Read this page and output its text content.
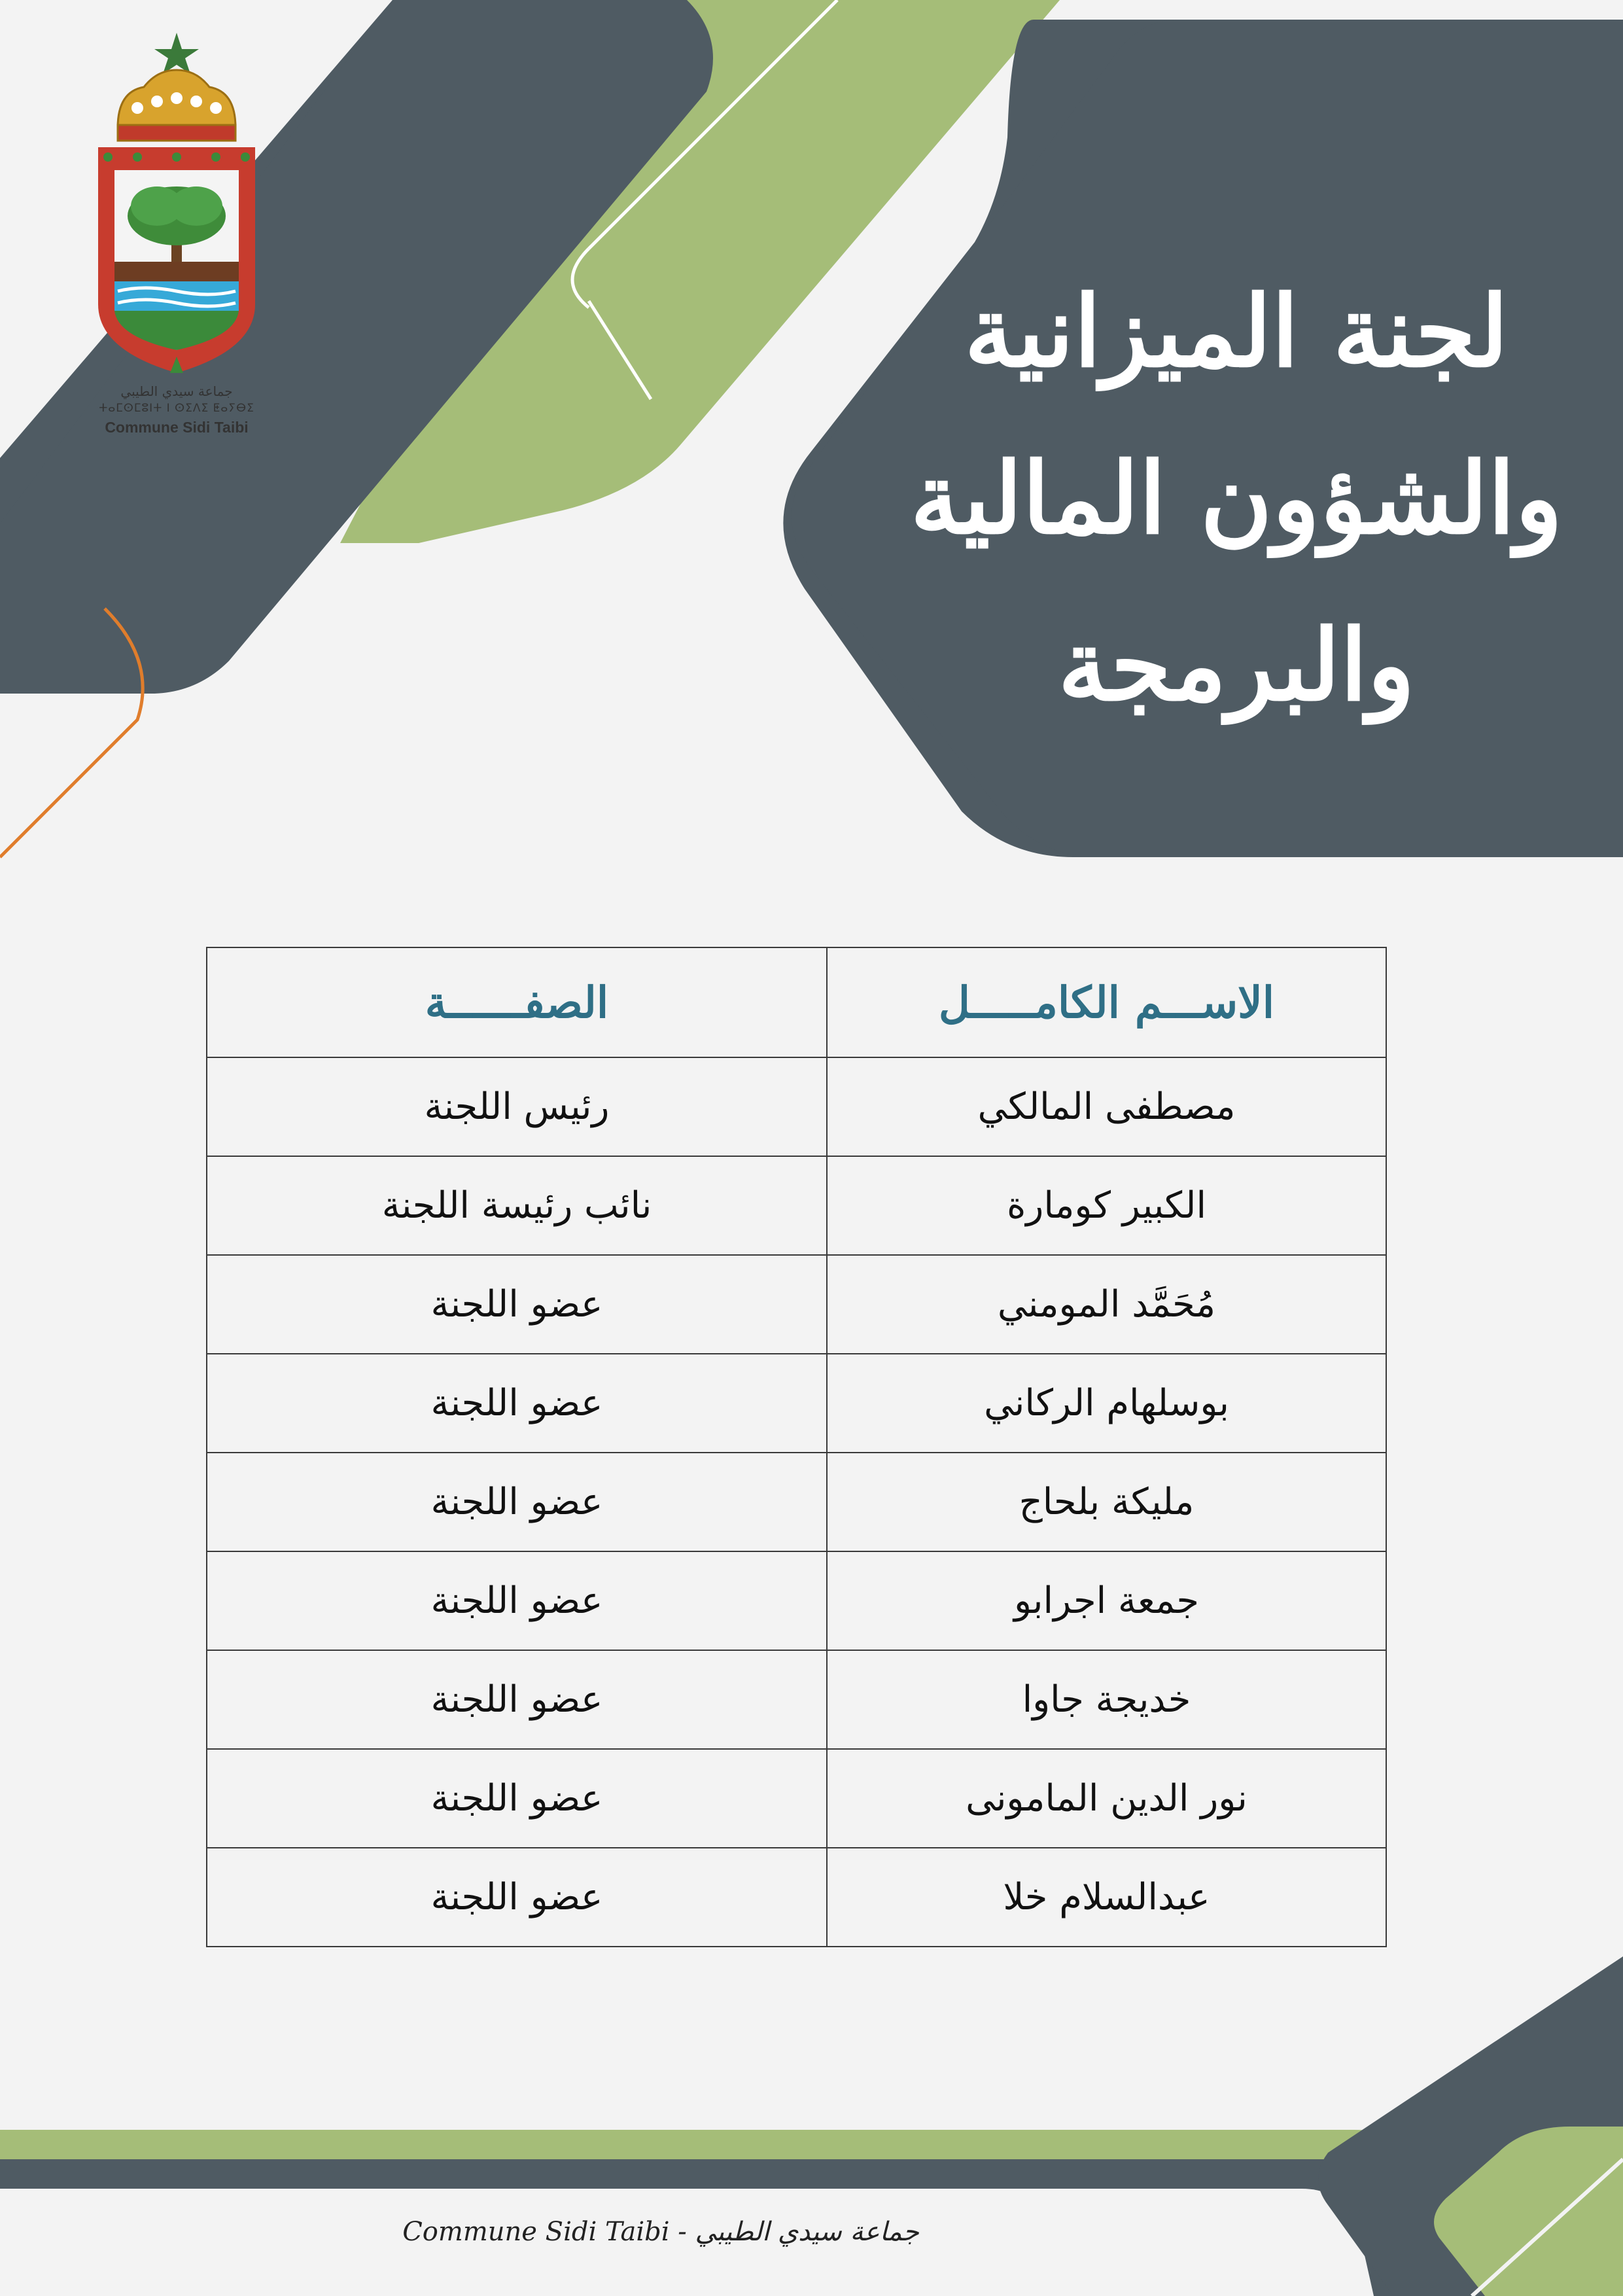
جماعة سيدي الطيبي
ⵜⴰⵎⵙⵎⵓⵏⵜ ⵏ ⵙⵉⴷⵉ ⵟⴰⵢⴱⵉ
Commune Sidi Taibi
لجنة الميزانية
والشؤون المالية
والبرمجة
الاســـم الكامـــــل	الصفــــــة
مصطفى المالكي	رئيس اللجنة
الكبير كومارة	نائب رئيسة اللجنة
مُحَمَّد المومني	عضو اللجنة
بوسلهام الركاني	عضو اللجنة
مليكة بلحاج	عضو اللجنة
جمعة اجرابو	عضو اللجنة
خديجة جاوا	عضو اللجنة
نور الدين المامونى	عضو اللجنة
عبدالسلام خلا	عضو اللجنة
Commune Sidi Taibi - جماعة سيدي الطيبي
